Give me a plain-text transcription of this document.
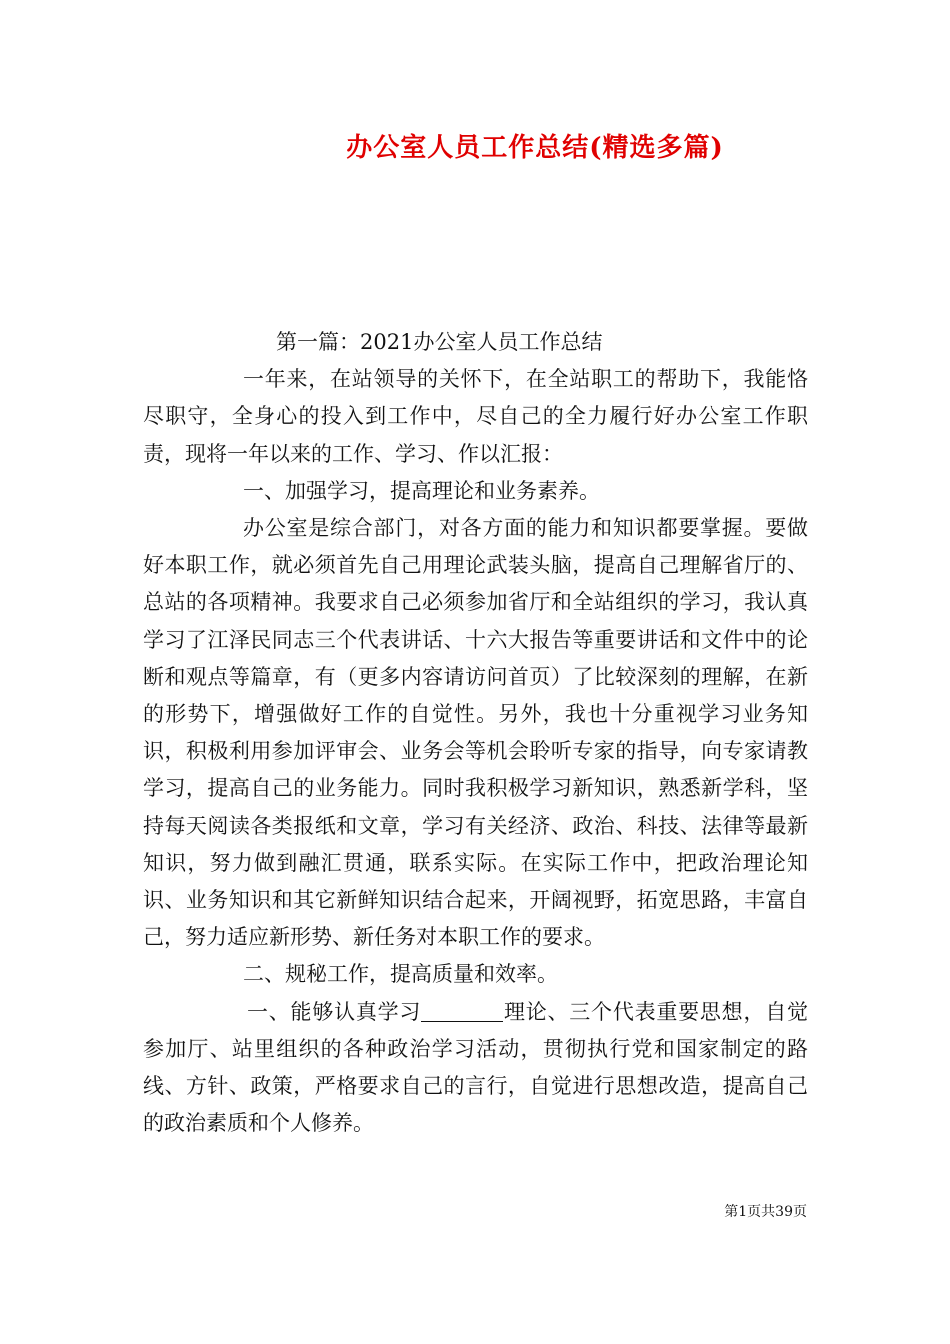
办公室人员工作总结(精选多篇)

第一篇：2021办公室人员工作总结

一年来，在站领导的关怀下，在全站职工的帮助下，我能恪尽职守，全身心的投入到工作中，尽自己的全力履行好办公室工作职责，现将一年以来的工作、学习、作以汇报：

一、加强学习，提高理论和业务素养。

办公室是综合部门，对各方面的能力和知识都要掌握。要做好本职工作，就必须首先自己用理论武装头脑，提高自己理解省厅的、总站的各项精神。我要求自己必须参加省厅和全站组织的学习，我认真学习了江泽民同志三个代表讲话、十六大报告等重要讲话和文件中的论断和观点等篇章，有（更多内容请访问首页）了比较深刻的理解，在新的形势下，增强做好工作的自觉性。另外，我也十分重视学习业务知识，积极利用参加评审会、业务会等机会聆听专家的指导，向专家请教学习，提高自己的业务能力。同时我积极学习新知识，熟悉新学科，坚持每天阅读各类报纸和文章，学习有关经济、政治、科技、法律等最新知识，努力做到融汇贯通，联系实际。在实际工作中，把政治理论知识、业务知识和其它新鲜知识结合起来，开阔视野，拓宽思路，丰富自己，努力适应新形势、新任务对本职工作的要求。

二、规秘工作，提高质量和效率。

一、能够认真学习	理论、三个代表重要思想，自觉参加厅、站里组织的各种政治学习活动，贯彻执行党和国家制定的路线、方针、政策，严格要求自己的言行，自觉进行思想改造，提高自己的政治素质和个人修养。

第1页共39页
